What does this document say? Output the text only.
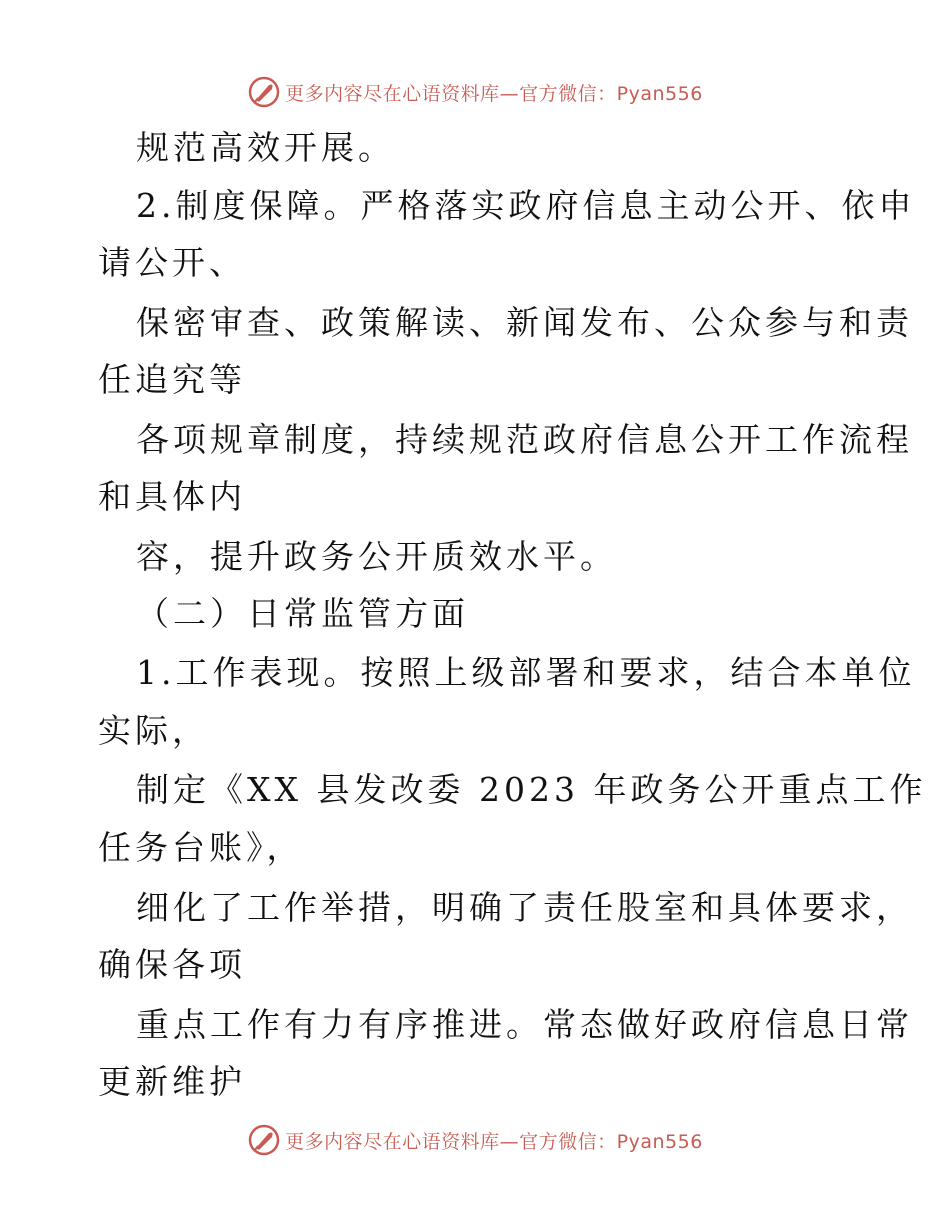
更多内容尽在心语资料库—官方微信：Pyan556
规范高效开展。
2.制度保障。严格落实政府信息主动公开、依申
请公开、
保密审查、政策解读、新闻发布、公众参与和责
任追究等
各项规章制度，持续规范政府信息公开工作流程
和具体内
容，提升政务公开质效水平。
（二）日常监管方面
1.工作表现。按照上级部署和要求，结合本单位
实际，
制定《XX 县发改委 2023 年政务公开重点工作
任务台账》，
细化了工作举措，明确了责任股室和具体要求，
确保各项
重点工作有力有序推进。常态做好政府信息日常
更新维护
更多内容尽在心语资料库—官方微信：Pyan556
